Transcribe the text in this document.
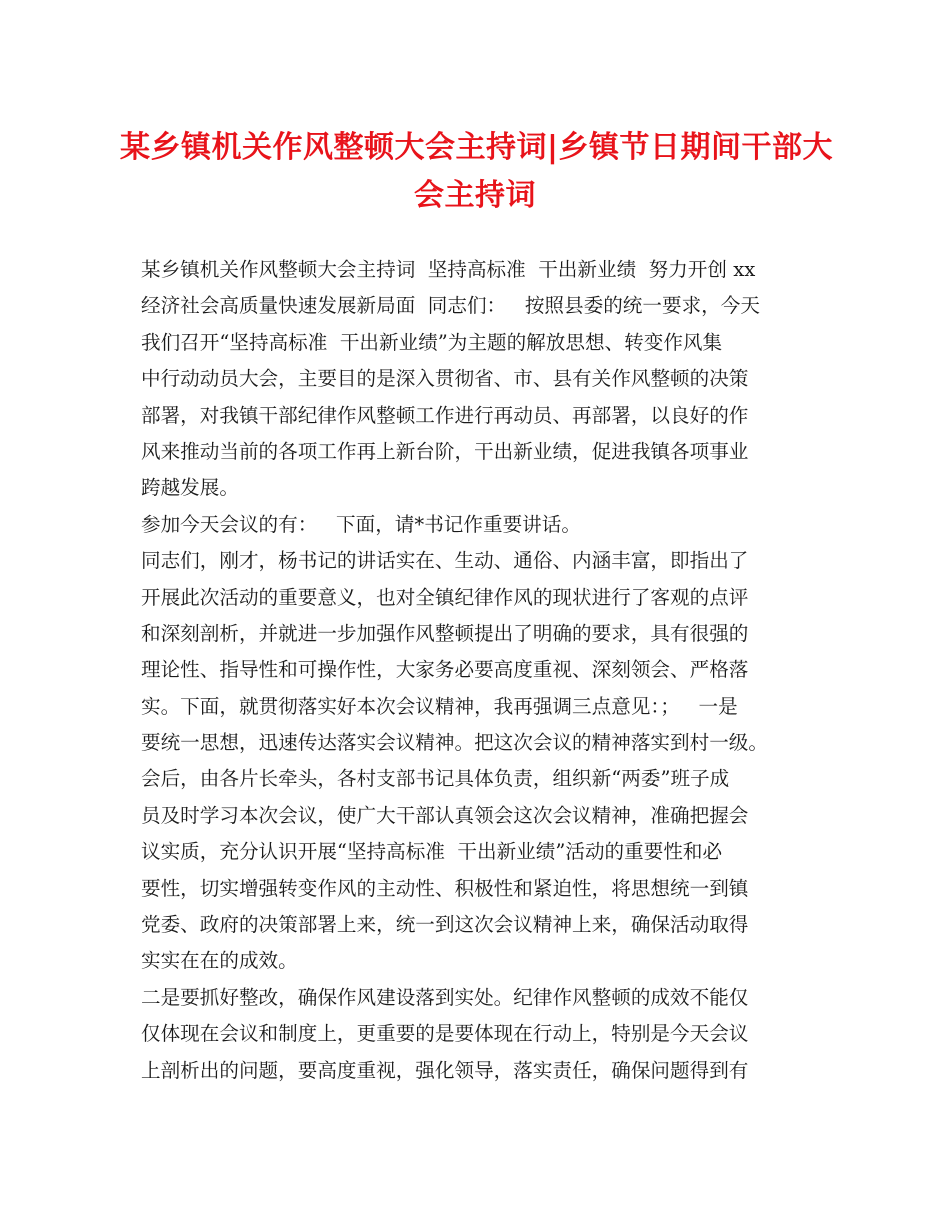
某乡镇机关作风整顿大会主持词|乡镇节日期间干部大
会主持词
某乡镇机关作风整顿大会主持词  坚持高标准  干出新业绩  努力开创 xx
经济社会高质量快速发展新局面  同志们：   按照县委的统一要求，今天
我们召开“坚持高标准  干出新业绩”为主题的解放思想、转变作风集
中行动动员大会，主要目的是深入贯彻省、市、县有关作风整顿的决策
部署，对我镇干部纪律作风整顿工作进行再动员、再部署，以良好的作
风来推动当前的各项工作再上新台阶，干出新业绩，促进我镇各项事业
跨越发展。
参加今天会议的有：   下面，请*书记作重要讲话。
同志们，刚才，杨书记的讲话实在、生动、通俗、内涵丰富，即指出了
开展此次活动的重要意义，也对全镇纪律作风的现状进行了客观的点评
和深刻剖析，并就进一步加强作风整顿提出了明确的要求，具有很强的
理论性、指导性和可操作性，大家务必要高度重视、深刻领会、严格落
实。下面，就贯彻落实好本次会议精神，我再强调三点意见：；   一是
要统一思想，迅速传达落实会议精神。把这次会议的精神落实到村一级。
会后，由各片长牵头，各村支部书记具体负责，组织新“两委”班子成
员及时学习本次会议，使广大干部认真领会这次会议精神，准确把握会
议实质，充分认识开展“坚持高标准  干出新业绩”活动的重要性和必
要性，切实增强转变作风的主动性、积极性和紧迫性，将思想统一到镇
党委、政府的决策部署上来，统一到这次会议精神上来，确保活动取得
实实在在的成效。
二是要抓好整改，确保作风建设落到实处。纪律作风整顿的成效不能仅
仅体现在会议和制度上，更重要的是要体现在行动上，特别是今天会议
上剖析出的问题，要高度重视，强化领导，落实责任，确保问题得到有
